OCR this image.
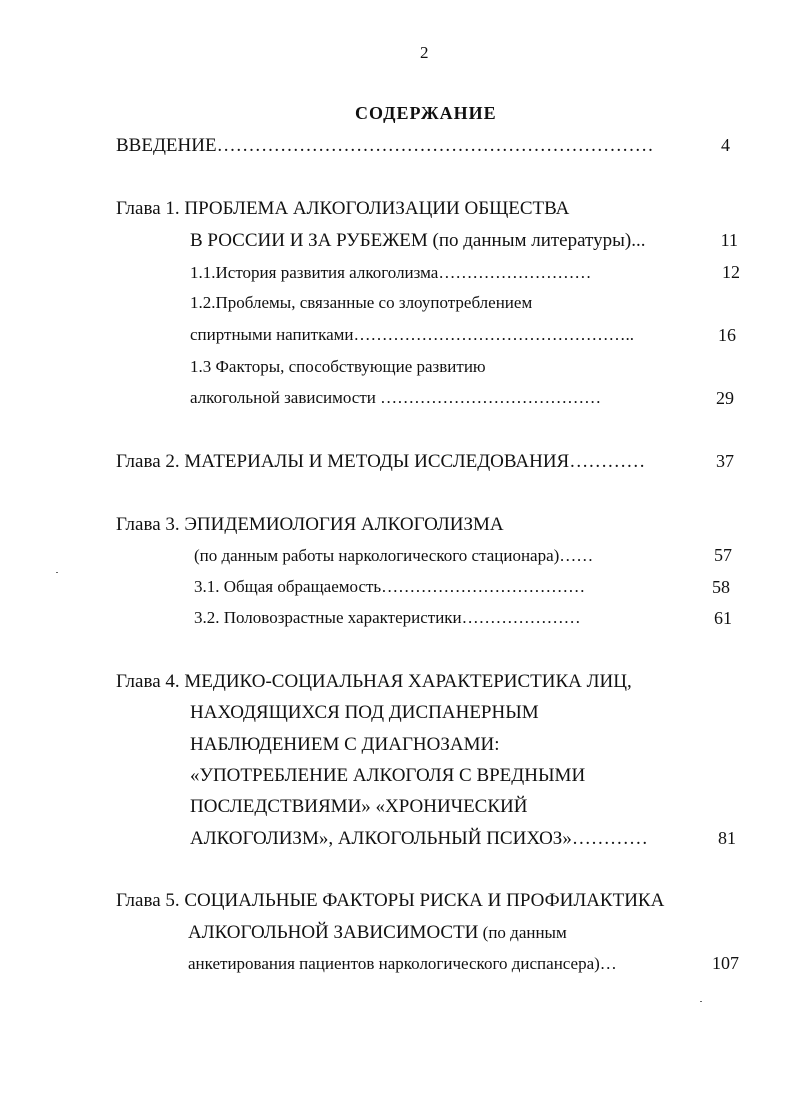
2
СОДЕРЖАНИЕ
ВВЕДЕНИЕ……………………………………………………………	4
Глава 1. ПРОБЛЕМА АЛКОГОЛИЗАЦИИ ОБЩЕСТВА
В РОССИИ И ЗА РУБЕЖЕМ (по данным литературы)...	11
1.1.История развития алкоголизма………………………	12
1.2.Проблемы, связанные со злоупотреблением
спиртными напитками…………………………………………..	16
1.3 Факторы, способствующие развитию
алкогольной зависимости …………………………………	29
Глава 2. МАТЕРИАЛЫ И МЕТОДЫ ИССЛЕДОВАНИЯ…………	37
Глава 3. ЭПИДЕМИОЛОГИЯ АЛКОГОЛИЗМА
(по данным работы наркологического стационара)……	57
3.1. Общая обращаемость………………………………	58
3.2. Половозрастные характеристики…………………	61
Глава 4. МЕДИКО-СОЦИАЛЬНАЯ ХАРАКТЕРИСТИКА ЛИЦ,
НАХОДЯЩИХСЯ ПОД ДИСПАНЕРНЫМ
НАБЛЮДЕНИЕМ С ДИАГНОЗАМИ:
«УПОТРЕБЛЕНИЕ АЛКОГОЛЯ С ВРЕДНЫМИ
ПОСЛЕДСТВИЯМИ» «ХРОНИЧЕСКИЙ
АЛКОГОЛИЗМ», АЛКОГОЛЬНЫЙ ПСИХОЗ»…………	81
Глава 5. СОЦИАЛЬНЫЕ ФАКТОРЫ РИСКА И ПРОФИЛАКТИКА
АЛКОГОЛЬНОЙ ЗАВИСИМОСТИ (по данным
анкетирования пациентов наркологического диспансера)…	107
